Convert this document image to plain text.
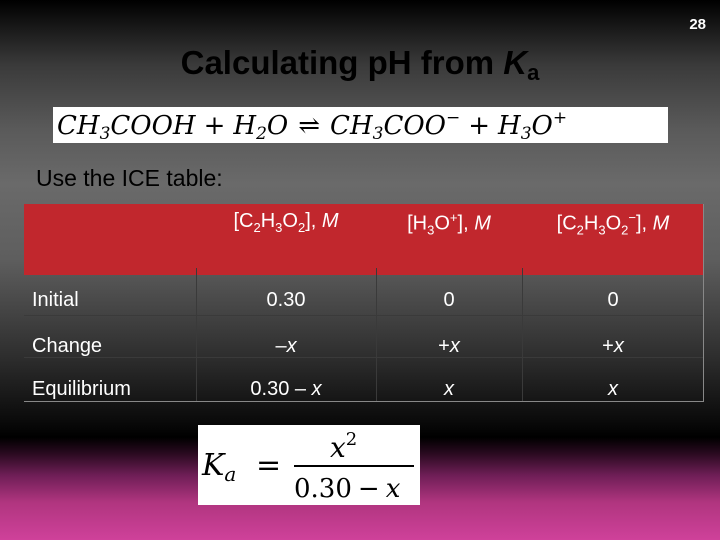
28
Calculating pH from $K_a$
CH3COOH + H2O ⇌ CH3COO− + H3O+
Use the ICE table:
	$[C_2H_3O_2]$, M	$[H_3O^+]$, M	$[C_2H_3O_2^-]$, M
Initial	0.30	0	0
Change	–x	+x	+x
Equilibrium	0.30 – x	x	x
$K_a$ =
$x^2$
0.30 − x
